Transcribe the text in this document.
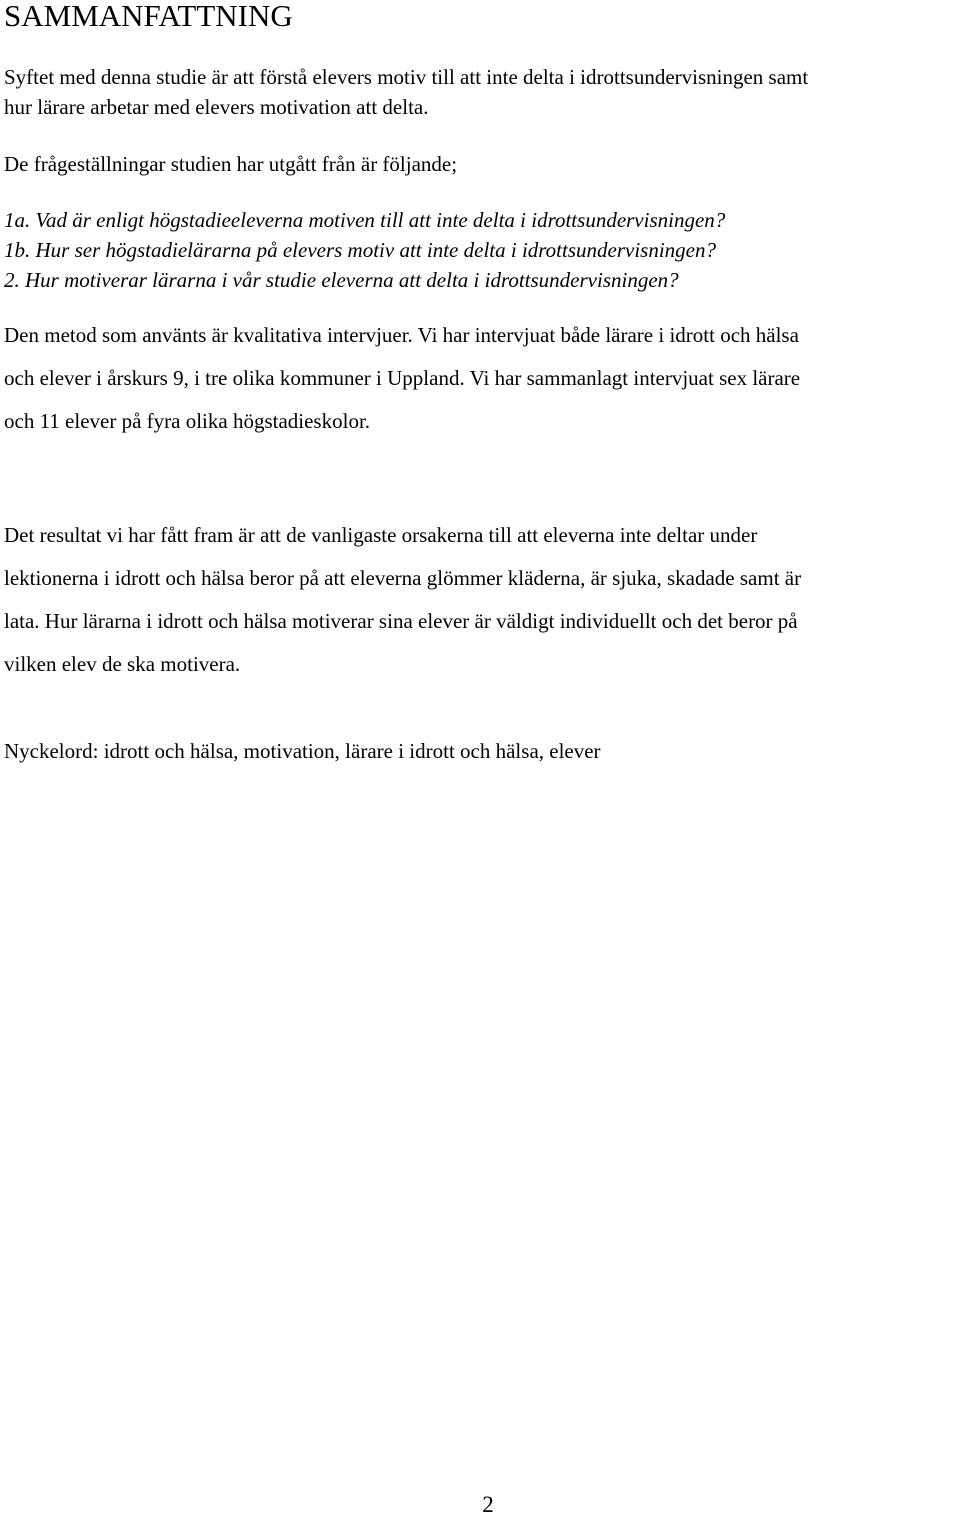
SAMMANFATTNING

Syftet med denna studie är att förstå elevers motiv till att inte delta i idrottsundervisningen samt
hur lärare arbetar med elevers motivation att delta.

De frågeställningar studien har utgått från är följande;

1a. Vad är enligt högstadieeleverna motiven till att inte delta i idrottsundervisningen?
1b. Hur ser högstadielärarna på elevers motiv att inte delta i idrottsundervisningen?
2. Hur motiverar lärarna i vår studie eleverna att delta i idrottsundervisningen?

Den metod som använts är kvalitativa intervjuer. Vi har intervjuat både lärare i idrott och hälsa
och elever i årskurs 9, i tre olika kommuner i Uppland. Vi har sammanlagt intervjuat sex lärare
och 11 elever på fyra olika högstadieskolor.

Det resultat vi har fått fram är att de vanligaste orsakerna till att eleverna inte deltar under
lektionerna i idrott och hälsa beror på att eleverna glömmer kläderna, är sjuka, skadade samt är
lata. Hur lärarna i idrott och hälsa motiverar sina elever är väldigt individuellt och det beror på
vilken elev de ska motivera.

Nyckelord: idrott och hälsa, motivation, lärare i idrott och hälsa, elever

2
